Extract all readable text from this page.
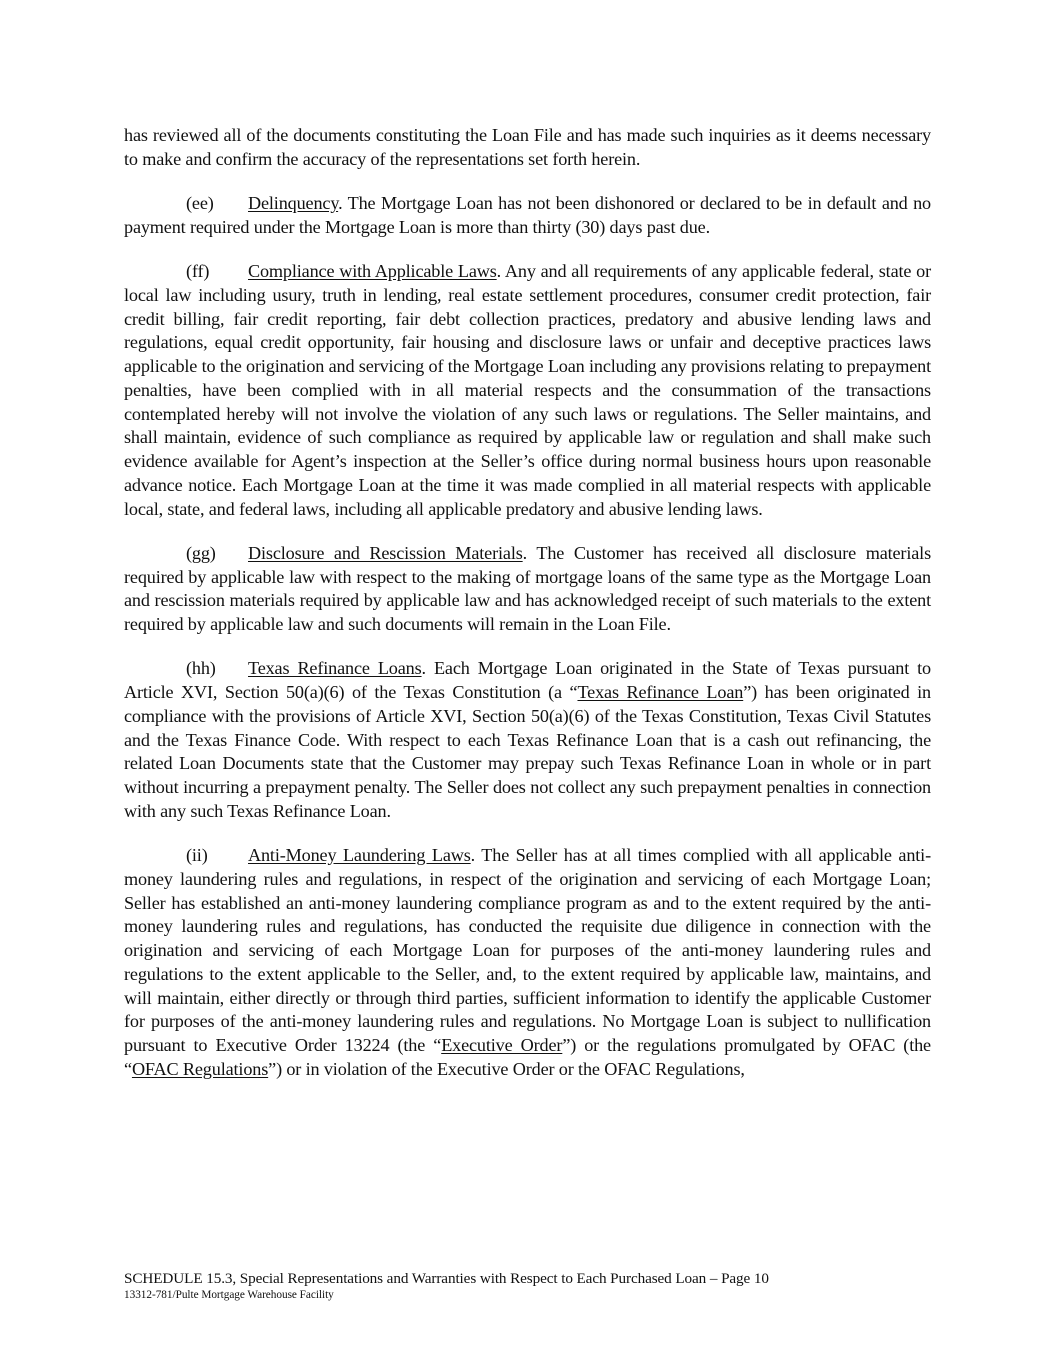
has reviewed all of the documents constituting the Loan File and has made such inquiries as it deems necessary to make and confirm the accuracy of the representations set forth herein.

(ee) Delinquency. The Mortgage Loan has not been dishonored or declared to be in default and no payment required under the Mortgage Loan is more than thirty (30) days past due.

(ff) Compliance with Applicable Laws. Any and all requirements of any applicable federal, state or local law including usury, truth in lending, real estate settlement procedures, consumer credit protection, fair credit billing, fair credit reporting, fair debt collection practices, predatory and abusive lending laws and regulations, equal credit opportunity, fair housing and disclosure laws or unfair and deceptive practices laws applicable to the origination and servicing of the Mortgage Loan including any provisions relating to prepayment penalties, have been complied with in all material respects and the consummation of the transactions contemplated hereby will not involve the violation of any such laws or regulations. The Seller maintains, and shall maintain, evidence of such compliance as required by applicable law or regulation and shall make such evidence available for Agent’s inspection at the Seller’s office during normal business hours upon reasonable advance notice. Each Mortgage Loan at the time it was made complied in all material respects with applicable local, state, and federal laws, including all applicable predatory and abusive lending laws.

(gg) Disclosure and Rescission Materials. The Customer has received all disclosure materials required by applicable law with respect to the making of mortgage loans of the same type as the Mortgage Loan and rescission materials required by applicable law and has acknowledged receipt of such materials to the extent required by applicable law and such documents will remain in the Loan File.

(hh) Texas Refinance Loans. Each Mortgage Loan originated in the State of Texas pursuant to Article XVI, Section 50(a)(6) of the Texas Constitution (a “Texas Refinance Loan”) has been originated in compliance with the provisions of Article XVI, Section 50(a)(6) of the Texas Constitution, Texas Civil Statutes and the Texas Finance Code. With respect to each Texas Refinance Loan that is a cash out refinancing, the related Loan Documents state that the Customer may prepay such Texas Refinance Loan in whole or in part without incurring a prepayment penalty. The Seller does not collect any such prepayment penalties in connection with any such Texas Refinance Loan.

(ii) Anti-Money Laundering Laws. The Seller has at all times complied with all applicable anti-money laundering rules and regulations, in respect of the origination and servicing of each Mortgage Loan; Seller has established an anti-money laundering compliance program as and to the extent required by the anti-money laundering rules and regulations, has conducted the requisite due diligence in connection with the origination and servicing of each Mortgage Loan for purposes of the anti-money laundering rules and regulations to the extent applicable to the Seller, and, to the extent required by applicable law, maintains, and will maintain, either directly or through third parties, sufficient information to identify the applicable Customer for purposes of the anti-money laundering rules and regulations. No Mortgage Loan is subject to nullification pursuant to Executive Order 13224 (the “Executive Order”) or the regulations promulgated by OFAC (the “OFAC Regulations”) or in violation of the Executive Order or the OFAC Regulations,

SCHEDULE 15.3, Special Representations and Warranties with Respect to Each Purchased Loan – Page 10
13312-781/Pulte Mortgage Warehouse Facility
